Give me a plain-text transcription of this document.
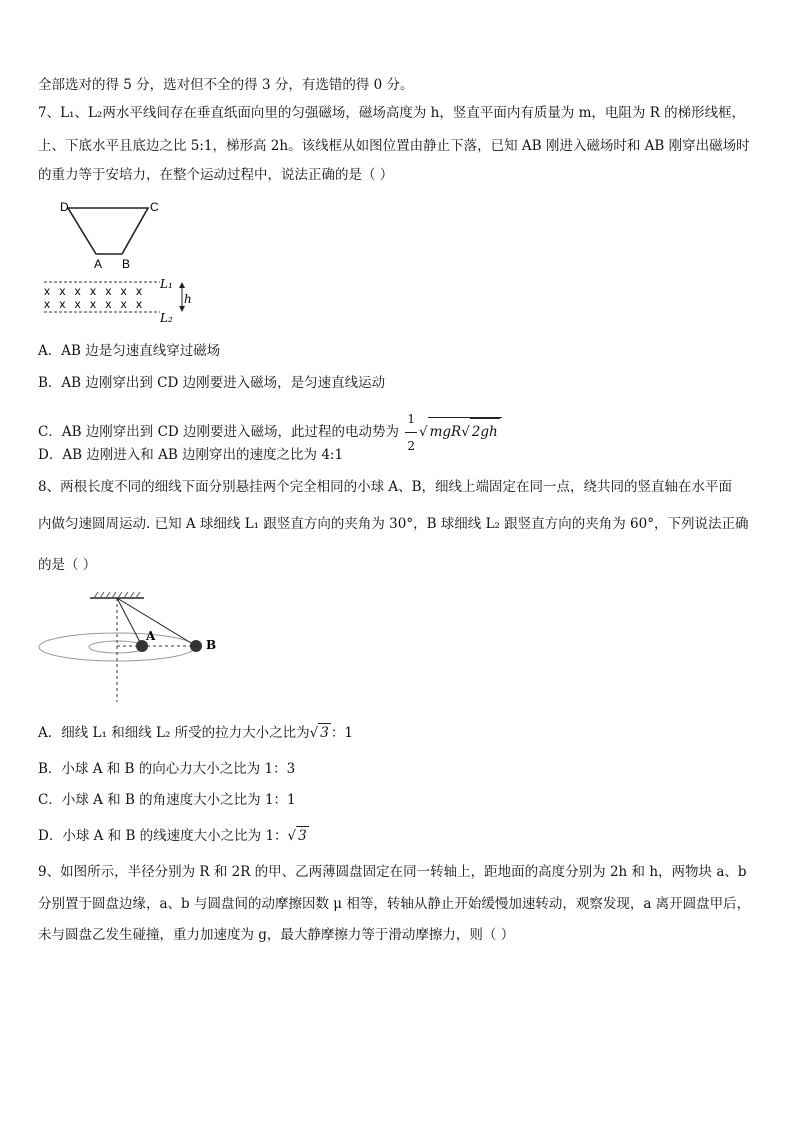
全部选对的得 5 分，选对但不全的得 3 分，有选错的得 0 分。
7、L₁、L₂两水平线间存在垂直纸面向里的匀强磁场，磁场高度为 h，竖直平面内有质量为 m，电阻为 R 的梯形线框，
上、下底水平且底边之比 5:1，梯形高 2h。该线框从如图位置由静止下落，已知 AB 刚进入磁场时和 AB 刚穿出磁场时
的重力等于安培力，在整个运动过程中，说法正确的是（ ）
D	C
A B
x x x x x x x
x x x x x x x
L₁
L₂
h
A．AB 边是匀速直线穿过磁场
B．AB 边刚穿出到 CD 边刚要进入磁场，是匀速直线运动
C．AB 边刚穿出到 CD 边刚要进入磁场，此过程的电动势为 $\frac{1}{2}$ √ mgR√ 2gh
D．AB 边刚进入和 AB 边刚穿出的速度之比为 4:1
8、两根长度不同的细线下面分别悬挂两个完全相同的小球 A、B，细线上端固定在同一点，绕共同的竖直轴在水平面
内做匀速圆周运动. 已知 A 球细线 L₁ 跟竖直方向的夹角为 30°，B 球细线 L₂ 跟竖直方向的夹角为 60°，下列说法正确
的是（ ）
A
B
A．细线 L₁ 和细线 L₂ 所受的拉力大小之比为√ 3 ：1
B．小球 A 和 B 的向心力大小之比为 1：3
C．小球 A 和 B 的角速度大小之比为 1：1
D．小球 A 和 B 的线速度大小之比为 1：√ 3
9、如图所示，半径分别为 R 和 2R 的甲、乙两薄圆盘固定在同一转轴上，距地面的高度分别为 2h 和 h，两物块 a、b
分别置于圆盘边缘，a、b 与圆盘间的动摩擦因数 μ 相等，转轴从静止开始缓慢加速转动，观察发现，a 离开圆盘甲后，
未与圆盘乙发生碰撞，重力加速度为 g，最大静摩擦力等于滑动摩擦力，则（ ）
